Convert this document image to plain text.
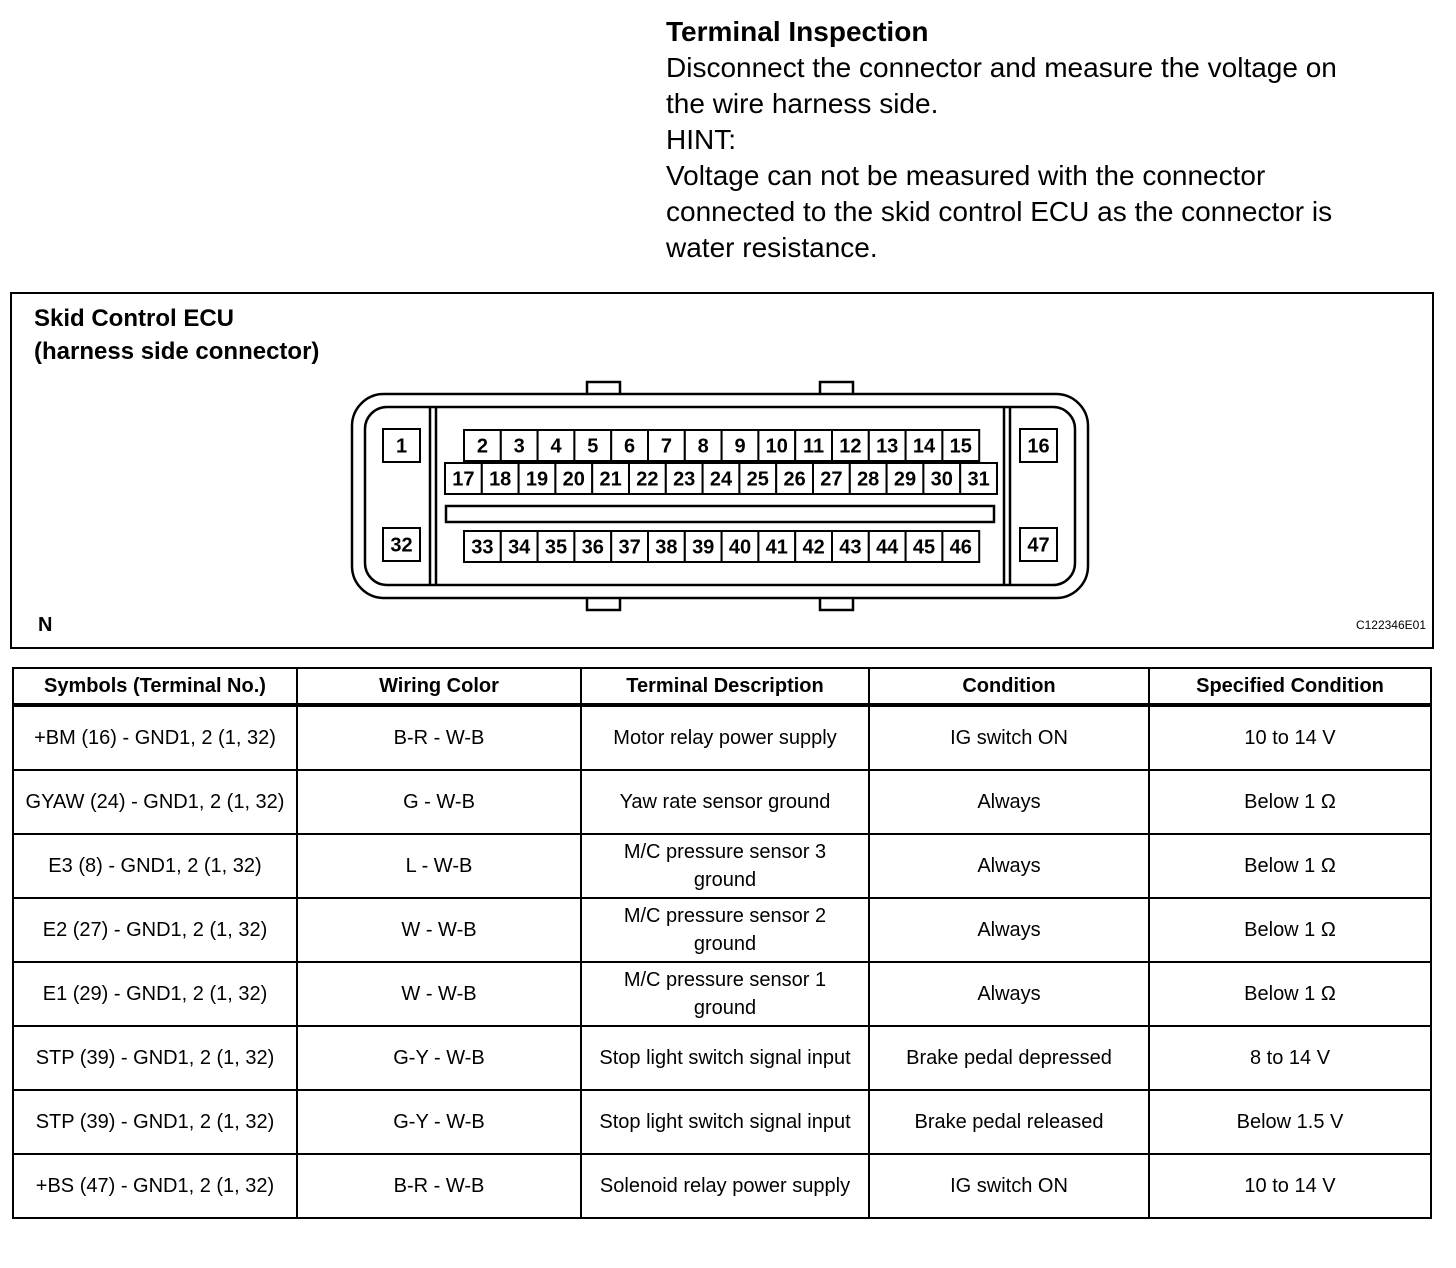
Terminal Inspection
Disconnect the connector and measure the voltage on
the wire harness side.
HINT:
Voltage can not be measured with the connector
connected to the skid control ECU as the connector is
water resistance.
Skid Control ECU
(harness side connector)
1
32
16
47
2 3 4 5 6 7 8 9 10 11 12 13 14 15
17 18 19 20 21 22 23 24 25 26 27 28 29 30 31
33 34 35 36 37 38 39 40 41 42 43 44 45 46
N	C122346E01
Symbols (Terminal No.)	Wiring Color	Terminal Description	Condition	Specified Condition
+BM (16) - GND1, 2 (1, 32)	B-R - W-B	Motor relay power supply	IG switch ON	10 to 14 V
GYAW (24) - GND1, 2 (1, 32)	G - W-B	Yaw rate sensor ground	Always	Below 1 Ω
E3 (8) - GND1, 2 (1, 32)	L - W-B	M/C pressure sensor 3 ground	Always	Below 1 Ω
E2 (27) - GND1, 2 (1, 32)	W - W-B	M/C pressure sensor 2 ground	Always	Below 1 Ω
E1 (29) - GND1, 2 (1, 32)	W - W-B	M/C pressure sensor 1 ground	Always	Below 1 Ω
STP (39) - GND1, 2 (1, 32)	G-Y - W-B	Stop light switch signal input	Brake pedal depressed	8 to 14 V
STP (39) - GND1, 2 (1, 32)	G-Y - W-B	Stop light switch signal input	Brake pedal released	Below 1.5 V
+BS (47) - GND1, 2 (1, 32)	B-R - W-B	Solenoid relay power supply	IG switch ON	10 to 14 V
